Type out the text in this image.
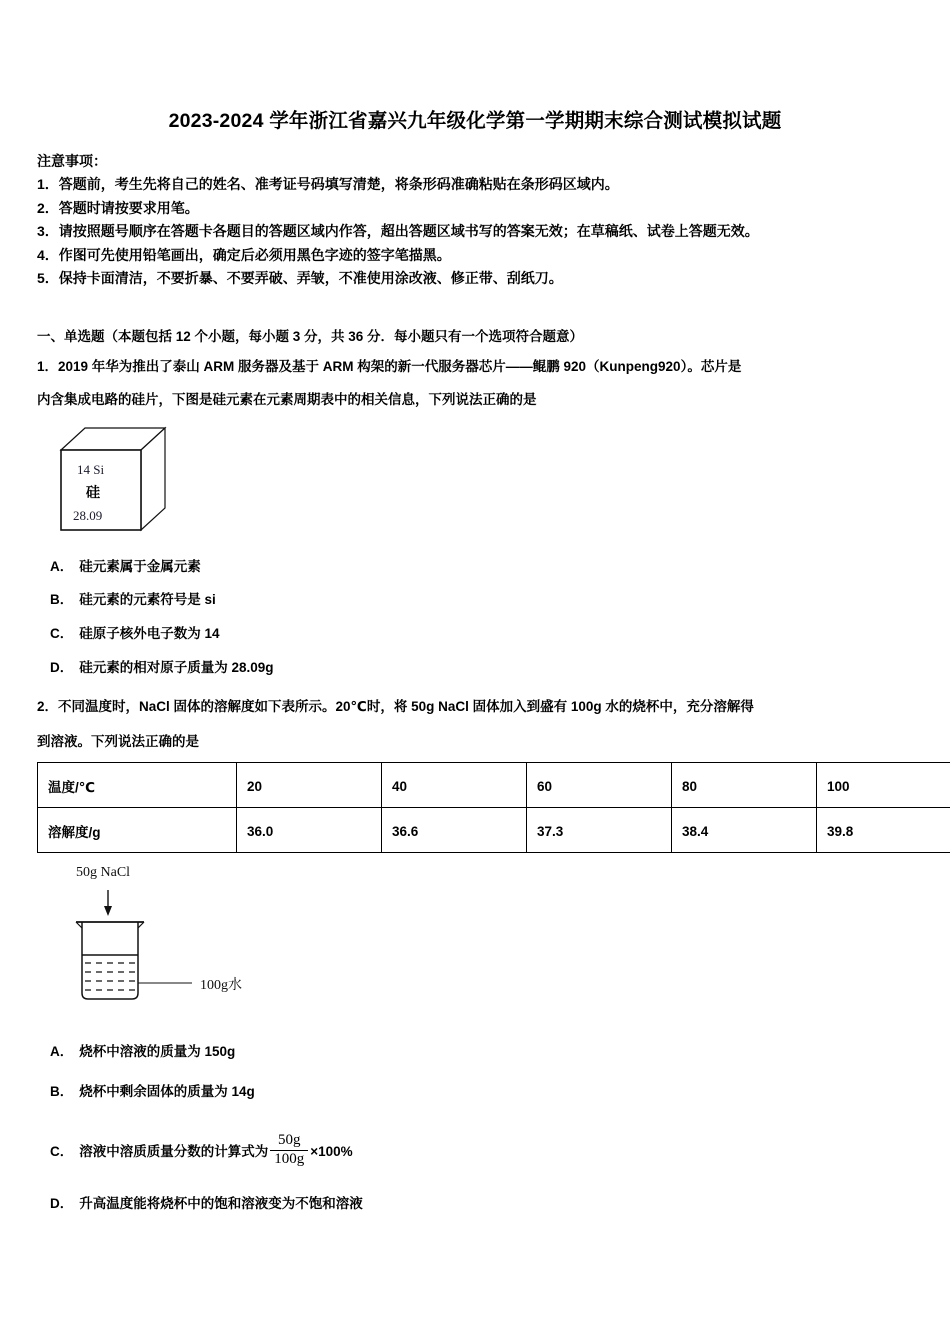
2023-2024 学年浙江省嘉兴九年级化学第一学期期末综合测试模拟试题
注意事项：
1．答题前，考生先将自己的姓名、准考证号码填写清楚，将条形码准确粘贴在条形码区域内。
2．答题时请按要求用笔。
3．请按照题号顺序在答题卡各题目的答题区域内作答，超出答题区域书写的答案无效；在草稿纸、试卷上答题无效。
4．作图可先使用铅笔画出，确定后必须用黑色字迹的签字笔描黑。
5．保持卡面清洁，不要折暴、不要弄破、弄皱，不准使用涂改液、修正带、刮纸刀。
一、单选题（本题包括 12 个小题，每小题 3 分，共 36 分．每小题只有一个选项符合题意）
1．2019 年华为推出了泰山 ARM 服务器及基于 ARM 构架的新一代服务器芯片——鲲鹏 920（Kunpeng920）。芯片是
内含集成电路的硅片，下图是硅元素在元素周期表中的相关信息，下列说法正确的是
14 Si
硅
28.09
A． 硅元素属于金属元素
B． 硅元素的元素符号是 si
C． 硅原子核外电子数为 14
D． 硅元素的相对原子质量为 28.09g
2．不同温度时，NaCl 固体的溶解度如下表所示。20℃时，将 50g NaCl 固体加入到盛有 100g 水的烧杯中，充分溶解得
到溶液。下列说法正确的是
温度/℃	20	40	60	80	100
溶解度/g	36.0	36.6	37.3	38.4	39.8
50g NaCl
100g水
A． 烧杯中溶液的质量为 150g
B． 烧杯中剩余固体的质量为 14g
C． 溶液中溶质质量分数的计算式为 $\frac{50g}{100g} \times 100\%$
D． 升高温度能将烧杯中的饱和溶液变为不饱和溶液
